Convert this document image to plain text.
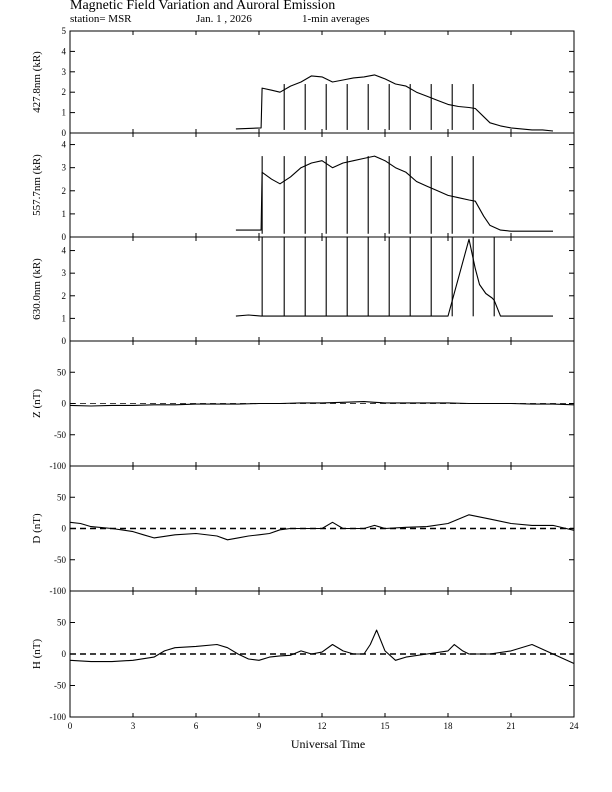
Magnetic Field Variation and Auroral Emission
station= MSR	Jan. 1 , 2026	1-min averages
0
1
2
3
4
5
427.8nm (kR)
0
1
2
3
4
557.7nm (kR)
0
1
2
3
4
630.0nm (kR)
-100
-50
0
50
Z (nT)
-100
-50
0
50
D (nT)
-100
-50
0
50
H (nT)
0	3	6	9	12	15	18	21	24
Universal Time
